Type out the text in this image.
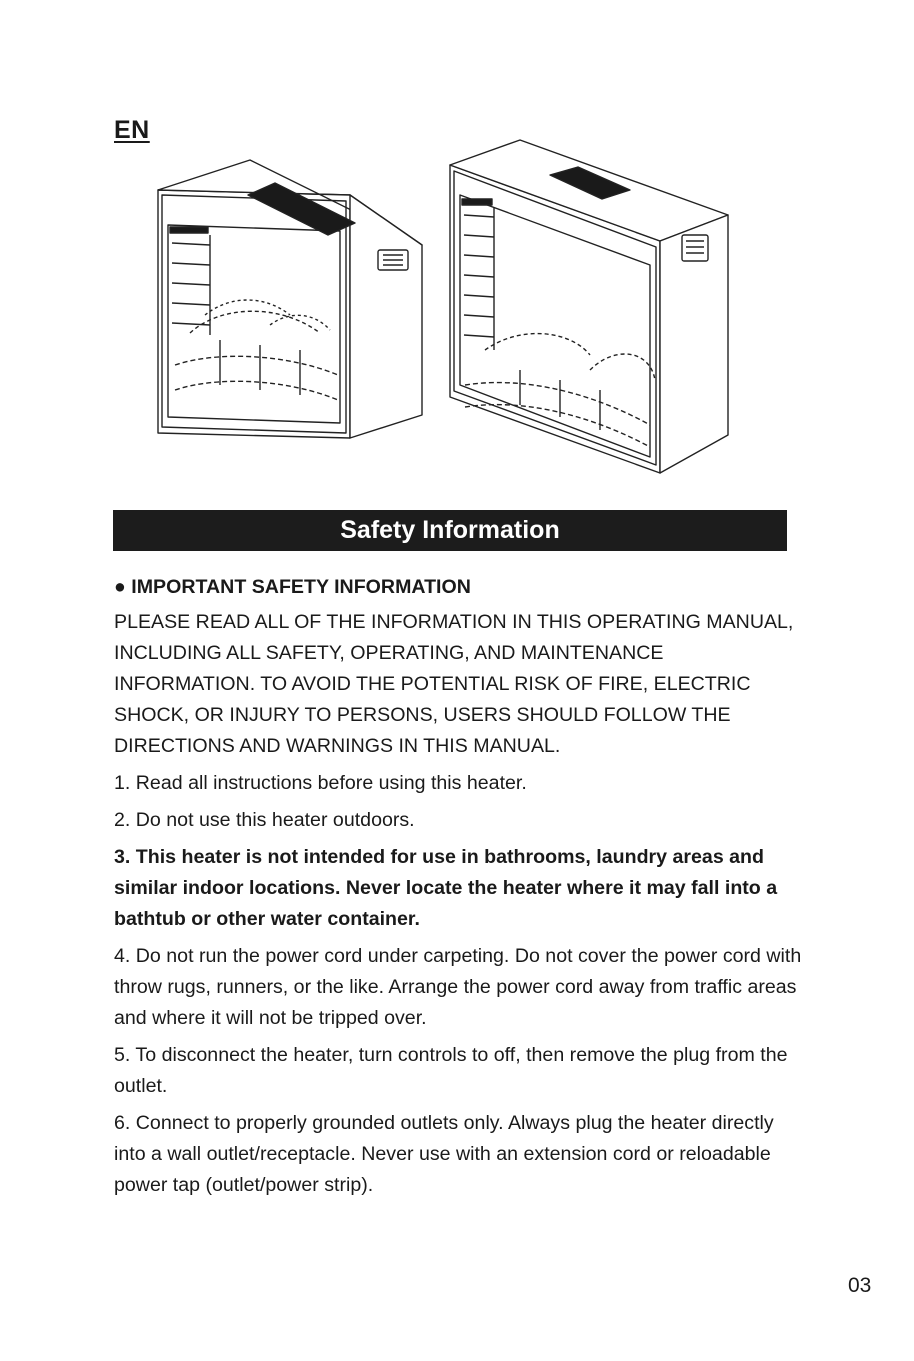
EN
Safety Information

● IMPORTANT SAFETY INFORMATION

PLEASE READ ALL OF THE INFORMATION IN THIS OPERATING MANUAL, INCLUDING ALL SAFETY, OPERATING, AND MAINTENANCE INFORMATION. TO AVOID THE POTENTIAL RISK OF FIRE, ELECTRIC SHOCK, OR INJURY TO PERSONS, USERS SHOULD FOLLOW THE DIRECTIONS AND WARNINGS IN THIS MANUAL.

1. Read all instructions before using this heater.

2. Do not use this heater outdoors.

3. This heater is not intended for use in bathrooms, laundry areas and similar indoor locations. Never locate the heater where it may fall into a bathtub or other water container.

4. Do not run the power cord under carpeting. Do not cover the power cord with throw rugs, runners, or the like. Arrange the power cord away from traffic areas and where it will not be tripped over.

5. To disconnect the heater, turn controls to off, then remove the plug from the outlet.

6. Connect to properly grounded outlets only. Always plug the heater directly into a wall outlet/receptacle. Never use with an extension cord or reloadable power tap (outlet/power strip).

03
